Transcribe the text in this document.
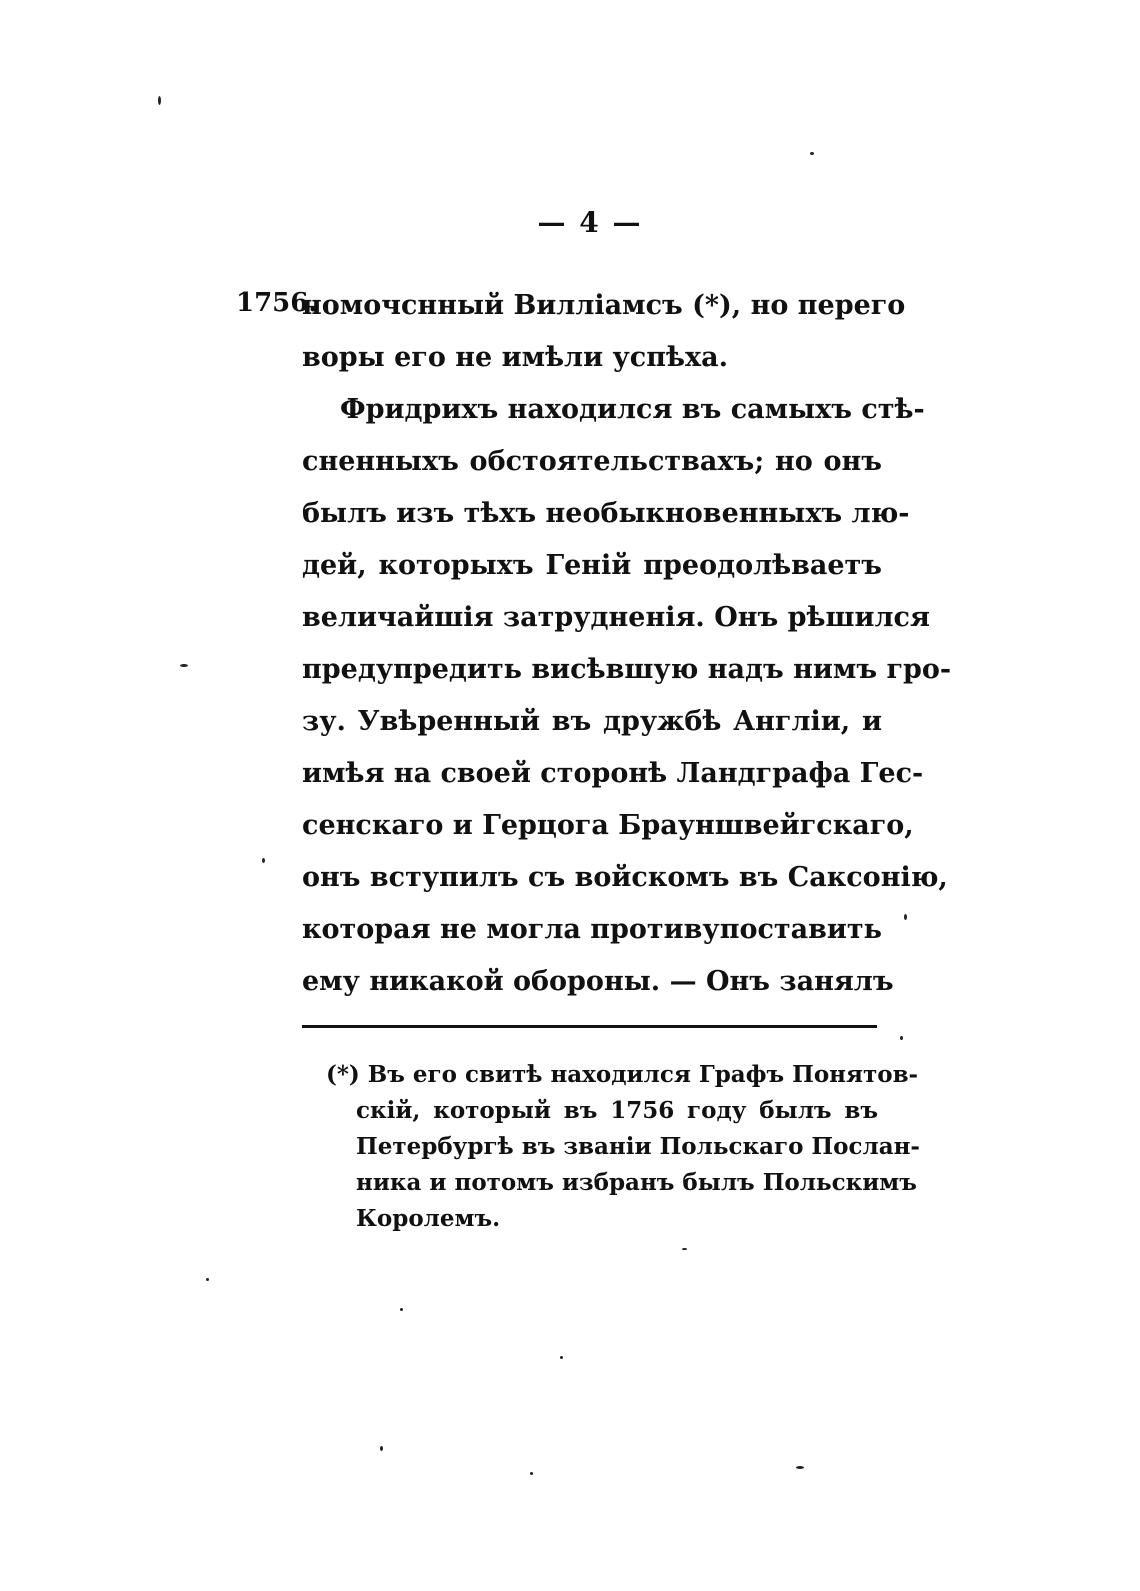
— 4 —
1756.
номочснный Вилліамсъ (*), но перего
воры его не имѣли успѣха.
Фридрихъ находился въ самыхъ стѣ-
сненныхъ обстоятельствахъ; но онъ
былъ изъ тѣхъ необыкновенныхъ лю-
дей, которыхъ Геній преодолѣваетъ
величайшія затрудненія. Онъ рѣшился
предупредить висѣвшую надъ нимъ гро-
зу. Увѣренный въ дружбѣ Англіи, и
имѣя на своей сторонѣ Ландграфа Гес-
сенскаго и Герцога Брауншвейгскаго,
онъ вступилъ съ войскомъ въ Саксонію,
которая не могла противупоставить
ему никакой обороны. — Онъ занялъ
(*) Въ его свитѣ находился Графъ Понятов-
скій, который въ 1756 году былъ въ
Петербургѣ въ званіи Польскаго Послан-
ника и потомъ избранъ былъ Польскимъ
Королемъ.
